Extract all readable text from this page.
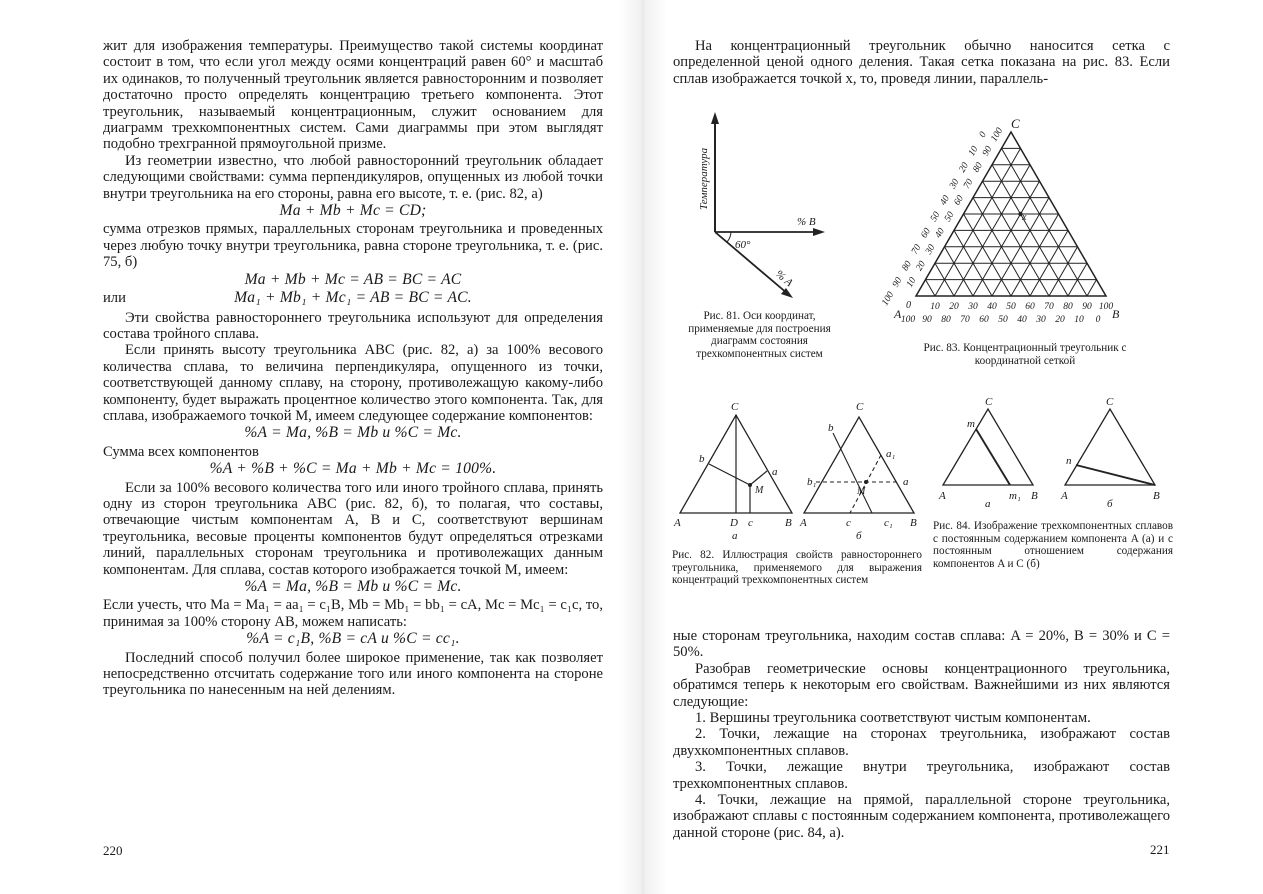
жит для изображения температуры. Преимущество такой системы координат состоит в том, что если угол между осями концентраций равен 60° и масштаб их одинаков, то полученный треугольник является равносторонним и позволяет достаточно просто определять концентрацию третьего компонента. Этот треугольник, называемый концентрационным, служит основанием для диаграмм трехкомпонентных систем. Сами диаграммы при этом выглядят подобно трехгранной прямоугольной призме.

Из геометрии известно, что любой равносторонний треугольник обладает следующими свойствами: сумма перпендикуляров, опущенных из любой точки внутри треугольника на его стороны, равна его высоте, т. е. (рис. 82, а)

Ma + Mb + Mc = CD;

сумма отрезков прямых, параллельных сторонам треугольника и проведенных через любую точку внутри треугольника, равна стороне треугольника, т. е. (рис. 75, б)

Ma + Mb + Mc = AB = BC = AC

или	Ma₁ + Mb₁ + Mc₁ = AB = BC = AC.

Эти свойства равностороннего треугольника используют для определения состава тройного сплава.

Если принять высоту треугольника ABC (рис. 82, а) за 100% весового количества сплава, то величина перпендикуляра, опущенного из точки, соответствующей данному сплаву, на сторону, противолежащую какому-либо компоненту, будет выражать процентное количество этого компонента. Так, для сплава, изображаемого точкой M, имеем следующее содержание компонентов:

%A = Ma, %B = Mb и %C = Mc.

Сумма всех компонентов

%A + %B + %C = Ma + Mb + Mc = 100%.

Если за 100% весового количества того или иного тройного сплава, принять одну из сторон треугольника ABC (рис. 82, б), то полагая, что составы, отвечающие чистым компонентам A, B и C, соответствуют вершинам треугольника, весовые проценты компонентов будут определяться отрезками линий, параллельных сторонам треугольника и противолежащих данным компонентам. Для сплава, состав которого изображается точкой M, имеем:

%A = Ma, %B = Mb и %C = Mc.

Если учесть, что Ma = Ma₁ = aa₁ = c₁B, Mb = Mb₁ = bb₁ = cA, Mc = Mc₁ = c₁c, то, принимая за 100% сторону AB, можем написать:

%A = c₁B, %B = cA и %C = cc₁.

Последний способ получил более широкое применение, так как позволяет непосредственно отсчитать содержание того или иного компонента на стороне треугольника по нанесенным на ней делениям.

220

На концентрационный треугольник обычно наносится сетка с определенной ценой одного деления. Такая сетка показана на рис. 83. Если сплав изображается точкой x, то, проведя линии, параллель-

Температура
% B
60°
% A
Рис. 81. Оси координат, применяемые для построения диаграмм состояния трехкомпонентных систем
C
A	B
0
x
10 20 30 40 50 60 70 80 90 100
100 90 80 70 60 50 40 30 20 10 0
10
20
30
40
50
60
70
80
90
100
100
90
80
70
60
50
40
30
20
10
0
Рис. 83. Концентрационный треугольник с координатной сеткой
C
b
a
M
A	D c	B
а
C
b
a₁
b₁	a
M
A	c	c₁ B
б
Рис. 82. Иллюстрация свойств равностороннего треугольника, применяемого для выражения концентраций трехкомпонентных систем
C
m
A
а
m₁ B
C
n
A
б
B
Рис. 84. Изображение трехкомпонентных сплавов с постоянным содержанием компонента A (а) и с постоянным отношением содержания компонентов A и C (б)

ные сторонам треугольника, находим состав сплава: A = 20%, B = 30% и C = 50%.

Разобрав геометрические основы концентрационного треугольника, обратимся теперь к некоторым его свойствам. Важнейшими из них являются следующие:

1. Вершины треугольника соответствуют чистым компонентам.

2. Точки, лежащие на сторонах треугольника, изображают состав двухкомпонентных сплавов.

3. Точки, лежащие внутри треугольника, изображают состав трехкомпонентных сплавов.

4. Точки, лежащие на прямой, параллельной стороне треугольника, изображают сплавы с постоянным содержанием компонента, противолежащего данной стороне (рис. 84, а).

221
